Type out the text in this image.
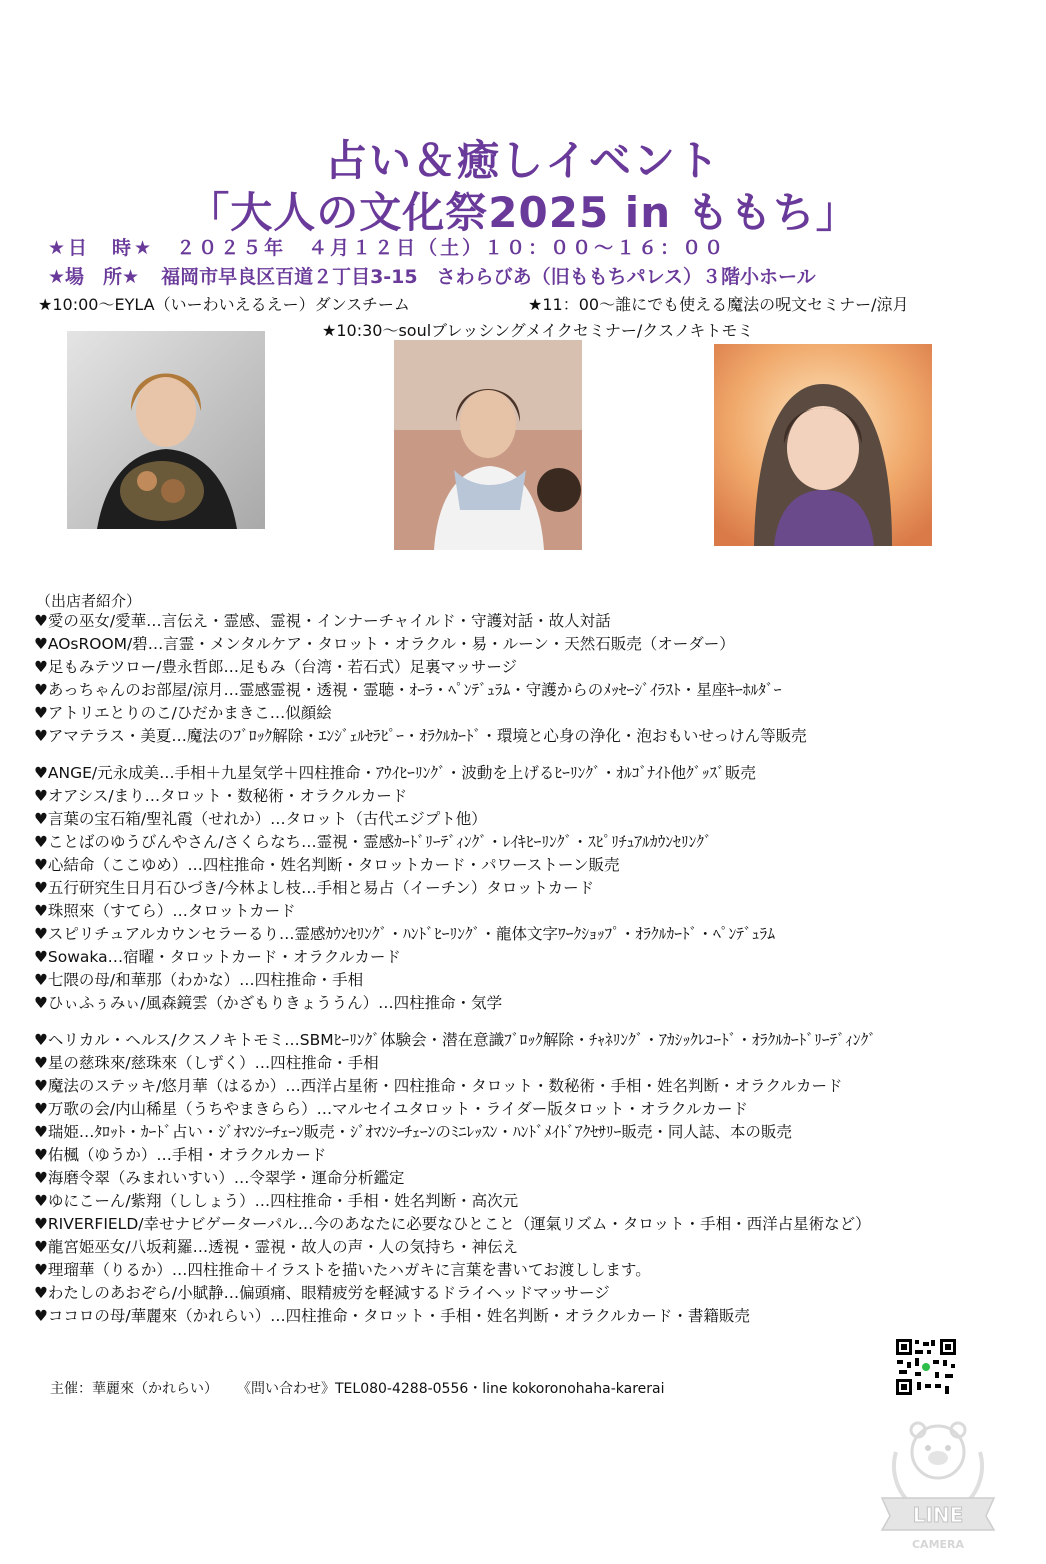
占い＆癒しイベント
「大人の文化祭2025 in ももち」
★日　時★ ２０２５年　４月１２日（土）１０：００〜１６：００
★場　所★ 福岡市早良区百道２丁目3-15　さわらびあ（旧ももちパレス）３階小ホール
★10:00〜EYLA（いーわいえるえー）ダンスチーム	★11：00〜誰にでも使える魔法の呪文セミナー/涼月
★10:30〜soulブレッシングメイクセミナー/クスノキトモミ
（出店者紹介）
♥愛の巫女/愛華…言伝え・霊感、霊視・インナーチャイルド・守護対話・故人対話
♥AOsROOM/碧…言霊・メンタルケア・タロット・オラクル・易・ルーン・天然石販売（オーダー）
♥足もみテツロー/豊永哲郎…足もみ（台湾・若石式）足裏マッサージ
♥あっちゃんのお部屋/涼月…霊感霊視・透視・霊聴・ｵｰﾗ・ﾍﾟﾝﾃﾞｭﾗﾑ・守護からのﾒｯｾｰｼﾞｲﾗｽﾄ・星座ｷｰﾎﾙﾀﾞｰ
♥アトリエとりのこ/ひだかまきこ…似顔絵
♥アマテラス・美夏…魔法のﾌﾞﾛｯｸ解除・ｴﾝｼﾞｪﾙｾﾗﾋﾟｰ・ｵﾗｸﾙｶｰﾄﾞ・環境と心身の浄化・泡おもいせっけん等販売
♥ANGE/元永成美…手相＋九星気学＋四柱推命・ｱｳｲﾋｰﾘﾝｸﾞ・波動を上げるﾋｰﾘﾝｸﾞ・ｵﾙｺﾞﾅｲﾄ他ｸﾞｯｽﾞ販売
♥オアシス/まり…タロット・数秘術・オラクルカード
♥言葉の宝石箱/聖礼霞（せれか）…タロット（古代エジプト他）
♥ことばのゆうびんやさん/さくらなち…霊視・霊感ｶｰﾄﾞﾘｰﾃﾞｨﾝｸﾞ・ﾚｲｷﾋｰﾘﾝｸﾞ・ｽﾋﾟﾘﾁｭｱﾙｶｳﾝｾﾘﾝｸﾞ
♥心結命（ここゆめ）…四柱推命・姓名判断・タロットカード・パワーストーン販売
♥五行研究生日月石ひづき/今林よし枝…手相と易占（イーチン）タロットカード
♥珠照來（すてら）…タロットカード
♥スピリチュアルカウンセラーるり…霊感ｶｳﾝｾﾘﾝｸﾞ・ﾊﾝﾄﾞﾋｰﾘﾝｸﾞ・龍体文字ﾜｰｸｼｮｯﾌﾟ・ｵﾗｸﾙｶｰﾄﾞ・ﾍﾟﾝﾃﾞｭﾗﾑ
♥Sowaka…宿曜・タロットカード・オラクルカード
♥七隈の母/和華那（わかな）…四柱推命・手相
♥ひぃふぅみぃ/風森鏡雲（かざもりきょううん）…四柱推命・気学
♥ヘリカル・ヘルス/クスノキトモミ…SBMﾋｰﾘﾝｸﾞ体験会・潜在意識ﾌﾞﾛｯｸ解除・ﾁｬﾈﾘﾝｸﾞ・ｱｶｼｯｸﾚｺｰﾄﾞ・ｵﾗｸﾙｶｰﾄﾞﾘｰﾃﾞｨﾝｸﾞ
♥星の慈珠來/慈珠來（しずく）…四柱推命・手相
♥魔法のステッキ/悠月華（はるか）…西洋占星術・四柱推命・タロット・数秘術・手相・姓名判断・オラクルカード
♥万歌の会/内山稀星（うちやまきらら）…マルセイユタロット・ライダー版タロット・オラクルカード
♥瑞姫…ﾀﾛｯﾄ・ｶｰﾄﾞ占い・ｼﾞｵﾏﾝｼｰﾁｪｰﾝ販売・ｼﾞｵﾏﾝｼｰﾁｪｰﾝのﾐﾆﾚｯｽﾝ・ﾊﾝﾄﾞﾒｲﾄﾞｱｸｾｻﾘｰ販売・同人誌、本の販売
♥佑楓（ゆうか）…手相・オラクルカード
♥海磨令翠（みまれいすい）…令翠学・運命分析鑑定
♥ゆにこーん/紫翔（ししょう）…四柱推命・手相・姓名判断・高次元
♥RIVERFIELD/幸せナビゲーターパル…今のあなたに必要なひとこと（運氣リズム・タロット・手相・西洋占星術など）
♥龍宮姫巫女/八坂莉羅…透視・霊視・故人の声・人の気持ち・神伝え
♥理瑠華（りるか）…四柱推命＋イラストを描いたハガキに言葉を書いてお渡しします。
♥わたしのあおぞら/小賦静…偏頭痛、眼精疲労を軽減するドライヘッドマッサージ
♥ココロの母/華麗來（かれらい）…四柱推命・タロット・手相・姓名判断・オラクルカード・書籍販売
主催：華麗來（かれらい） 《問い合わせ》TEL080-4288-0556・line kokoronohaha-karerai
LINE
CAMERA
